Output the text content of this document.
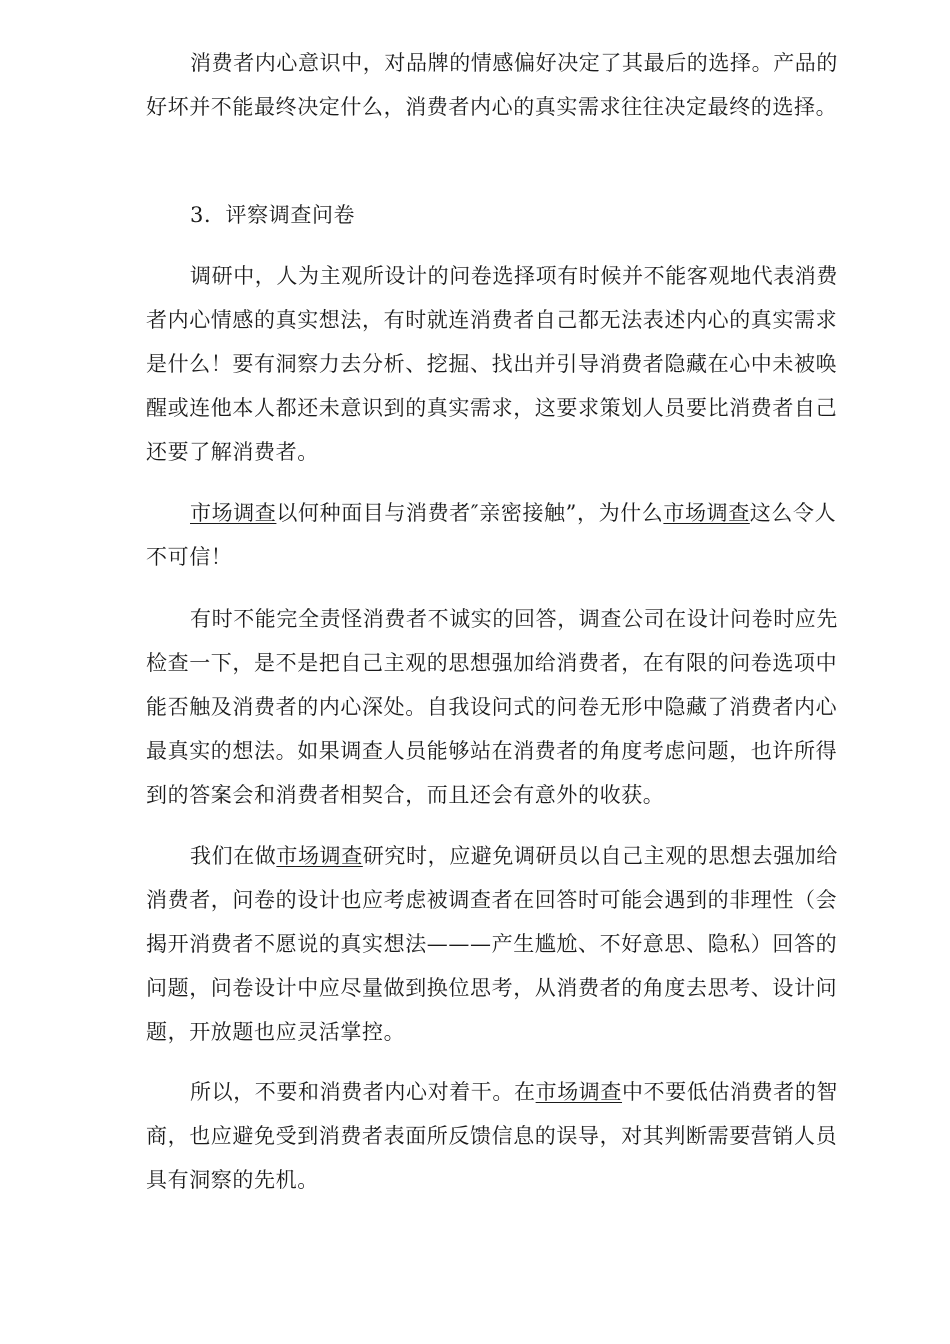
消费者内心意识中，对品牌的情感偏好决定了其最后的选择。产品的
好坏并不能最终决定什么，消费者内心的真实需求往往决定最终的选择。

3．评察调查问卷

调研中，人为主观所设计的问卷选择项有时候并不能客观地代表消费
者内心情感的真实想法，有时就连消费者自己都无法表述内心的真实需求
是什么！要有洞察力去分析、挖掘、找出并引导消费者隐藏在心中未被唤
醒或连他本人都还未意识到的真实需求，这要求策划人员要比消费者自己
还要了解消费者。

市场调查以何种面目与消费者″亲密接触”，为什么市场调查这么令人
不可信！

有时不能完全责怪消费者不诚实的回答，调查公司在设计问卷时应先
检查一下，是不是把自己主观的思想强加给消费者，在有限的问卷选项中
能否触及消费者的内心深处。自我设问式的问卷无形中隐藏了消费者内心
最真实的想法。如果调查人员能够站在消费者的角度考虑问题，也许所得
到的答案会和消费者相契合，而且还会有意外的收获。

我们在做市场调查研究时，应避免调研员以自己主观的思想去强加给
消费者，问卷的设计也应考虑被调查者在回答时可能会遇到的非理性（会
揭开消费者不愿说的真实想法———产生尴尬、不好意思、隐私）回答的
问题，问卷设计中应尽量做到换位思考，从消费者的角度去思考、设计问
题，开放题也应灵活掌控。

所以，不要和消费者内心对着干。在市场调查中不要低估消费者的智
商，也应避免受到消费者表面所反馈信息的误导，对其判断需要营销人员
具有洞察的先机。
